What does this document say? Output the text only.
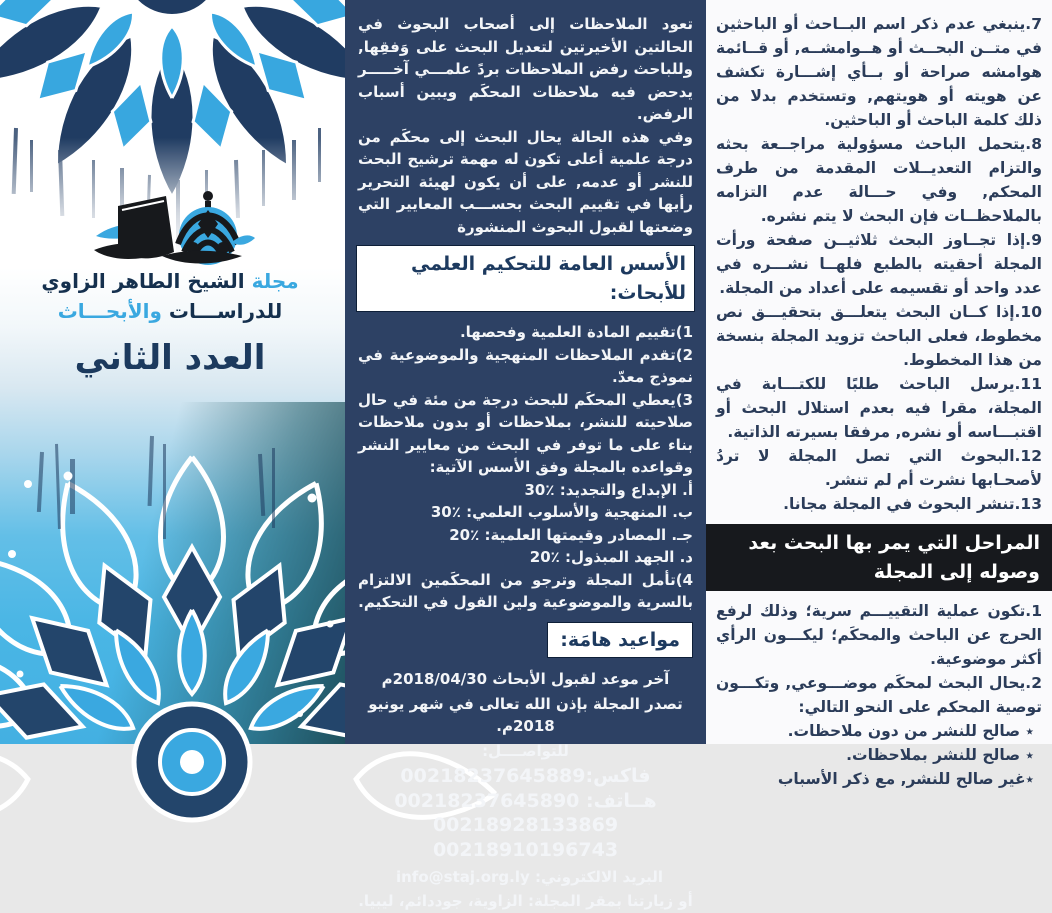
مجلة الشيخ الطاهر الزاوي
للدراســـات والأبحـــاث
العدد الثاني

تعود الملاحظات إلى أصحاب البحوث في الحالتين الأخيرتين لتعديل البحث على وَفقِها, وللباحث رفض الملاحظات بردً علمـــي آخـــــر يدحض فيه ملاحظات المحكَم ويبين أسباب الرفض.

وفي هذه الحالة يحال البحث إلى محكَم من درجة علمية أعلى تكون له مهمة ترشيح البحث للنشر أو عدمه, على أن يكون لهيئة التحرير رأيها في تقييم البحث بحســـب المعايير التي وضعتها لقبول البحوث المنشورة

الأسس العامة للتحكيم العلمي للأبحاث:

1)تقييم المادة العلمية وفحصها.

2)تقدم الملاحظات المنهجية والموضوعية في نموذج معدّ.

3)يعطي المحكَم للبحث درجة من مئة في حال صلاحيته للنشر، بملاحظات أو بدون ملاحظات بناء على ما توفر في البحث من معايير النشر وقواعده بالمجلة وفق الأسس الآتية:

أ. الإبداع والتجديد: ٪30

ب. المنهجية والأسلوب العلمي: ٪30

جـ. المصادر وقيمتها العلمية: ٪20

د. الجهد المبذول: ٪20

4)تأمل المجلة وترجو من المحكَمين الالتزام بالسرية والموضوعية ولين القول في التحكيم.

مواعيد هامَة:
آخر موعد لقبول الأبحاث 2018/04/30م
تصدر المجلة بإذن الله تعالى في شهر يونيو 2018م.
للتواصــــل:
فاكس:00218237645889
هــاتف: 00218237645890
00218928133869
00218910196743
البريد الالكتروني: info@staj.org.ly
أو زيارتنا بمقر المجلة: الزاوية، جوددائم، ليبيا.

7.ينبغي عدم ذكر اسم البــاحث أو الباحثين في متــن البحــث أو هــوامشــه, أو قــائمة هوامشه صراحة أو بــأي إشـــارة تكشف عن هويته أو هويتهم, وتستخدم بدلا من ذلك كلمة الباحث أو الباحثين.

8.يتحمل الباحث مسؤولية مراجــعة بحثه والتزام التعديــلات المقدمة من طرف المحكم, وفي حـــالة عدم التزامه بالملاحظــات فإن البحث لا يتم نشره.

9.إذا تجــاوز البحث ثلاثيــن صفحة ورأت المجلة أحقيته بالطبع فلهــا نشـــره في عدد واحد أو تقسيمه على أعداد من المجلة.

10.إذا كــان البحث يتعلـــق بتحقيـــق نص مخطوط، فعلى الباحث تزويد المجلة بنسخة من هذا المخطوط.

11.يرسل الباحث طلبًا للكتـــابة في المجلة، مقرا فيه بعدم استلال البحث أو اقتبـــاسه أو نشره, مرفقا بسيرته الذاتية.

12.البحوث التي تصل المجلة لا تردُ لأصحـابها نشرت أم لم تنشر.

13.تنشر البحوث في المجلة مجانا.

المراحل التي يمر بها البحث بعد وصوله إلى المجلة

1.تكون عملية التقييـــم سرية؛ وذلك لرفع الحرج عن الباحث والمحكَم؛ ليكـــون الرأي أكثر موضوعية.

2.يحال البحث لمحكَم موضـــوعي, وتكـــون توصية المحكم على النحو التالي:

٭ صالح للنشر من دون ملاحظات.

٭ صالح للنشر بملاحظات.

٭غير صالح للنشر, مع ذكر الأسباب
